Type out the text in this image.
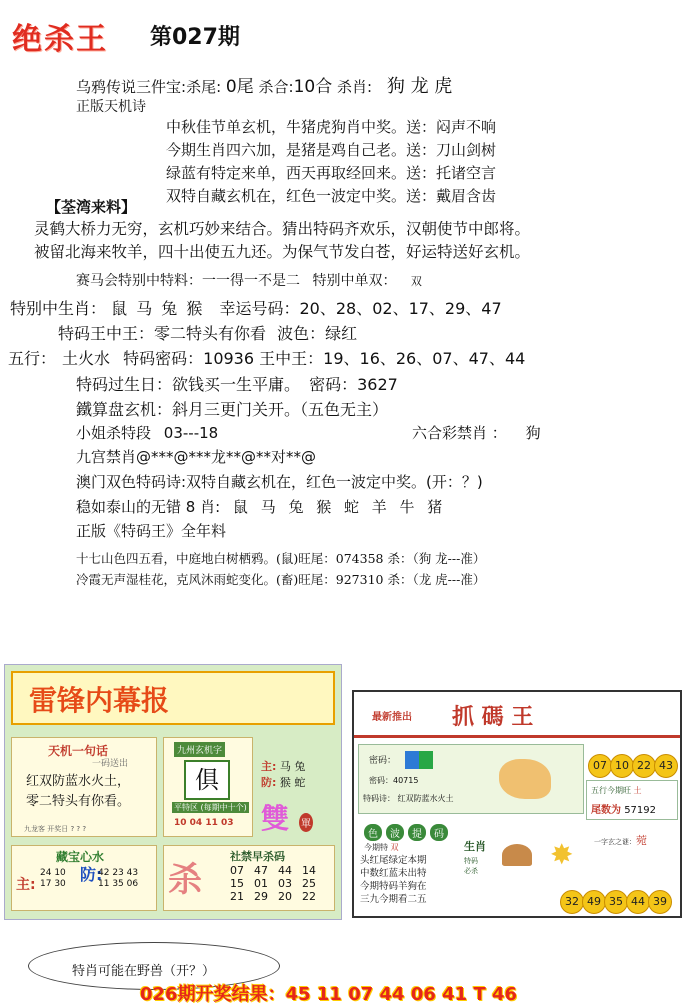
绝杀王 第027期
乌鸦传说三件宝:杀尾: 0尾 杀合:10合 杀肖: 狗 龙 虎
正版天机诗
中秋佳节单玄机，牛猪虎狗肖中奖。送：闷声不响
今期生肖四六加，是猪是鸡自己老。送：刀山剑树
绿蓝有特定来单，西天再取经回来。送：托诸空言
双特自藏玄机在，红色一波定中奖。送：戴眉含齿
【荃湾来料】
灵鹤大桥力无穷，玄机巧妙来结合。猜出特码齐欢乐，汉朝使节中郎将。
被留北海来牧羊，四十出使五九还。为保气节发白苍，好运特送好玄机。
赛马会特别中特料：一一得一不是二 特别中单双： 双
特别中生肖： 鼠 马 兔 猴 幸运号码：20、28、02、17、29、47
特码王中王：零二特头有你看 波色：绿红
五行： 土火水 特码密码：10936 王中王：19、16、26、07、47、44
特码过生日：欲钱买一生平庸。 密码：3627
鐵算盘玄机：斜月三更门关开。（五色无主）
小姐杀特段 03---18	六合彩禁肖 ： 狗
九宫禁肖@***@***龙**@**对**@
澳门双色特码诗:双特自藏玄机在，红色一波定中奖。(开：？)
稳如泰山的无错 8 肖: 鼠 马 兔 猴 蛇 羊 牛 猪
正版《特码王》全年料
十七山色四五看，中庭地白树栖鸦。(鼠)旺尾：074358 杀：（狗 龙---准）
冷霞无声湿桂花，克风沐雨蛇变化。(畜)旺尾：927310 杀：（龙 虎---准）
雷锋内幕报
天机一句话
一码送出
红双防蓝水火土，
零二特头有你看。
九龙客 开奖日 ? ? ?
九州玄机字
俱
平特区 (每期中十个)
10 04 11 03
主: 马 兔
防: 猴 蛇
雙 單
藏宝心水
主:
24 10
17 30 防:
42 23 43
11 35 06 杀
社禁早杀码
07 47 44 14
15 01 03 25
21 29 20 22
最新推出 抓 碼 王
密码：
密码：40715
特码诗： 红双防蓝水火土
07 10 22 43
五行今期旺 土
尾数为 57192
色	波	提	码
今期特 双
头红尾绿定本期
中数红蓝未出特
今期特码羊狗在
三九今期看二五
生肖
特码必杀	✸	一字玄之谜：菀
32 49 35 44 39
特肖可能在野兽（开？）
026期开奖结果：45 11 07 44 06 41 T 46
